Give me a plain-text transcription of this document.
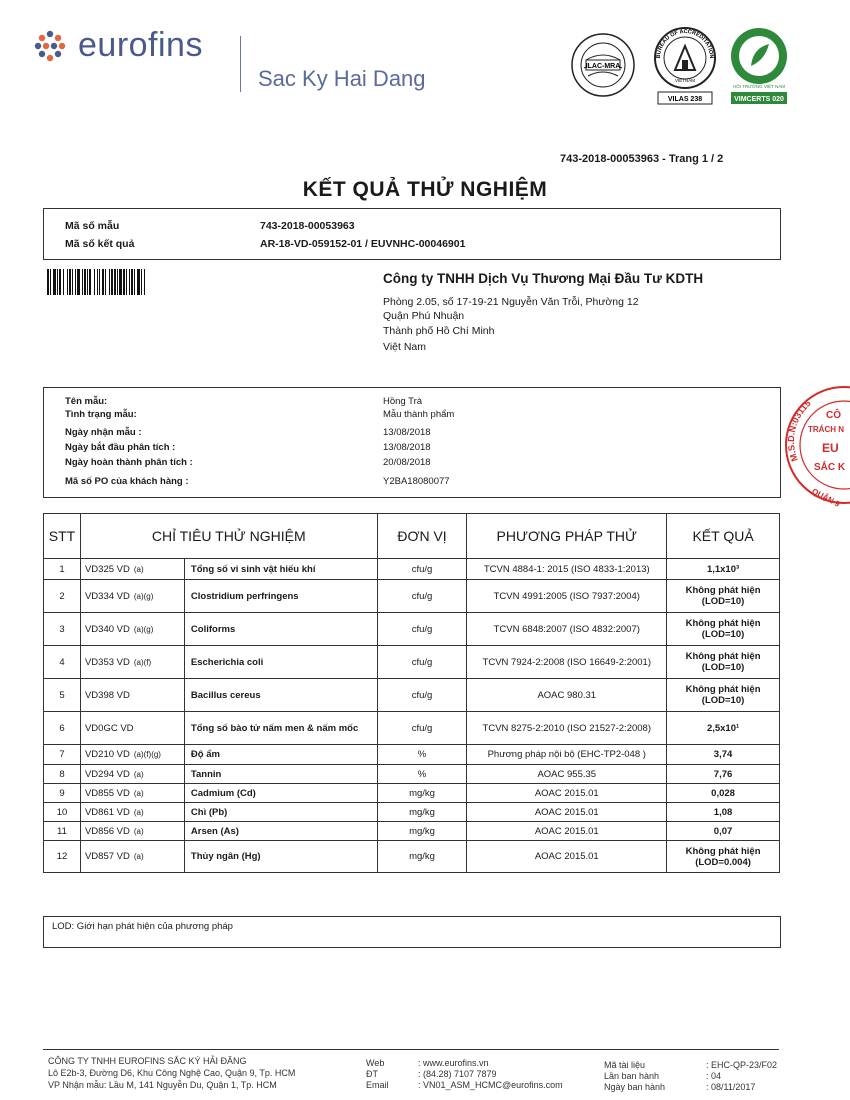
eurofins
Sac Ky Hai Dang	ILAC-MRA
BUREAU OF ACCREDITATION
VIETNAM
VILAS 238
HỘI TRƯỜNG VIỆT NAM
VIMCERTS 020
743-2018-00053963 - Trang 1 / 2
KẾT QUẢ THỬ NGHIỆM
Mã số mẫu	743-2018-00053963
Mã số kết quả	AR-18-VD-059152-01 / EUVNHC-00046901
Công ty TNHH Dịch Vụ Thương Mại Đầu Tư KDTH
Phòng 2.05, số 17-19-21 Nguyễn Văn Trỗi, Phường 12
Quận Phú Nhuận
Thành phố Hồ Chí Minh
Việt Nam
Tên mẫu:	Hồng Trà
Tình trạng mẫu:	Mẫu thành phẩm
Ngày nhận mẫu :	13/08/2018
Ngày bắt đầu phân tích :	13/08/2018
Ngày hoàn thành phân tích :	20/08/2018
Mã số PO của khách hàng :	Y2BA18080077
M.S.D.N:03115
CÔ
TRÁCH N
EU
SẮC K
QUẬN 9
STT	CHỈ TIÊU THỬ NGHIỆM		ĐƠN VỊ	PHƯƠNG PHÁP THỬ	KẾT QUẢ
1	VD325 VD (a)	Tổng số vi sinh vật hiếu khí	cfu/g	TCVN 4884-1: 2015 (ISO 4833-1:2013)	1,1x10³

2	VD334 VD (a)(g)	Clostridium perfringens	cfu/g	TCVN 4991:2005 (ISO 7937:2004)	Không phát hiện
(LOD=10)

3	VD340 VD (a)(g)	Coliforms	cfu/g	TCVN 6848:2007 (ISO 4832:2007)	Không phát hiện
(LOD=10)

4	VD353 VD (a)(f)	Escherichia coli	cfu/g	TCVN 7924-2:2008 (ISO 16649-2:2001)	Không phát hiện
(LOD=10)

5	VD398 VD	Bacillus cereus	cfu/g	AOAC 980.31	Không phát hiện
(LOD=10)

6	VD0GC VD	Tổng số bào tử nấm men & nấm mốc	cfu/g	TCVN 8275-2:2010 (ISO 21527-2:2008)	2,5x10¹

7	VD210 VD (a)(f)(g)	Độ ẩm	%	Phương pháp nội bộ (EHC-TP2-048 )	3,74

8	VD294 VD (a)	Tannin	%	AOAC 955.35	7,76

9	VD855 VD (a)	Cadmium (Cd)	mg/kg	AOAC 2015.01	0,028

10	VD861 VD (a)	Chì (Pb)	mg/kg	AOAC 2015.01	1,08

11	VD856 VD (a)	Arsen (As)	mg/kg	AOAC 2015.01	0,07

12	VD857 VD (a)	Thủy ngân (Hg)	mg/kg	AOAC 2015.01	Không phát hiện
(LOD=0.004)
LOD: Giới hạn phát hiện của phương pháp
CÔNG TY TNHH EUROFINS SẮC KÝ HẢI ĐĂNG
Lô E2b-3, Đường D6, Khu Công Nghệ Cao, Quận 9, Tp. HCM
VP Nhận mẫu: Lầu M, 141 Nguyễn Du, Quận 1, Tp. HCM
Web	: www.eurofins.vn
ĐT	: (84.28) 7107 7879
Email	: VN01_ASM_HCMC@eurofins.com
Mã tài liệu	: EHC-QP-23/F02
Lần ban hành	: 04
Ngày ban hành	: 08/11/2017
